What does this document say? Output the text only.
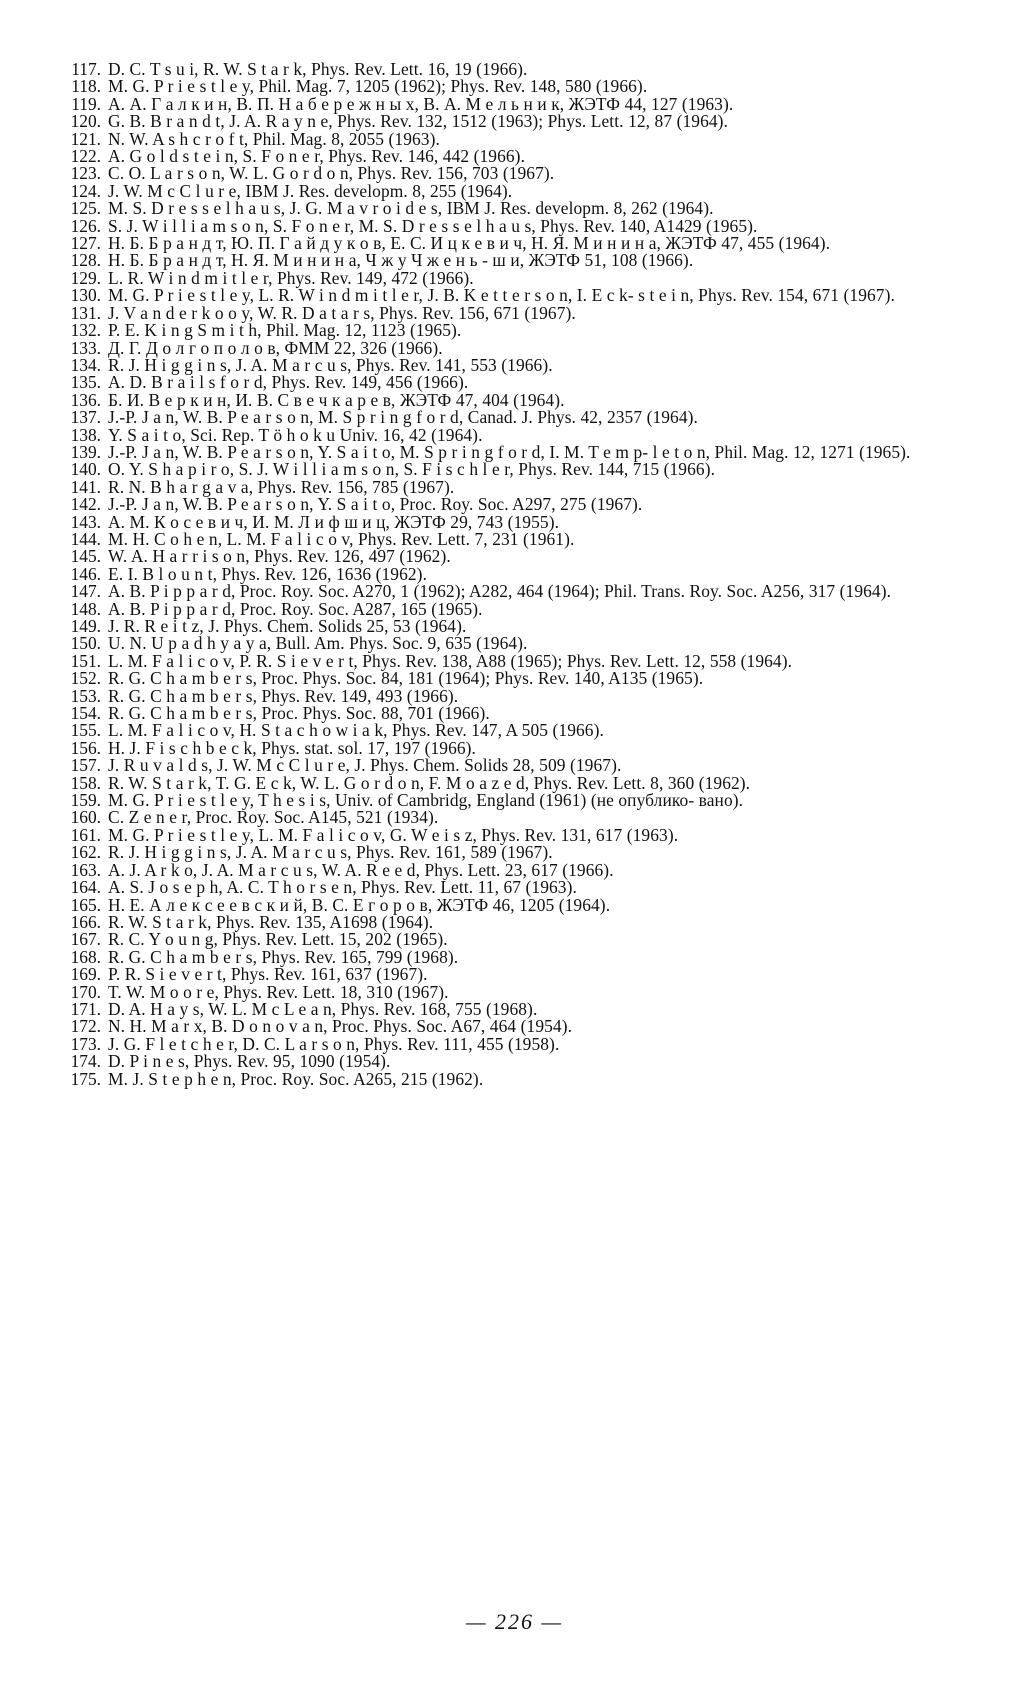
117. D. C. T s u i, R. W. S t a r k, Phys. Rev. Lett. 16, 19 (1966).
118. M. G. P r i e s t l e y, Phil. Mag. 7, 1205 (1962); Phys. Rev. 148, 580 (1966).
119. А. А. Г а л к и н, В. П. Н а б е р е ж н ы х, В. А. М е л ь н и к, ЖЭТФ 44, 127 (1963).
120. G. B. B r a n d t, J. A. R a y n e, Phys. Rev. 132, 1512 (1963); Phys. Lett. 12, 87 (1964).
121. N. W. A s h c r o f t, Phil. Mag. 8, 2055 (1963).
122. A. G o l d s t e i n, S. F o n e r, Phys. Rev. 146, 442 (1966).
123. C. O. L a r s o n, W. L. G o r d o n, Phys. Rev. 156, 703 (1967).
124. J. W. M c C l u r e, IBM J. Res. developm. 8, 255 (1964).
125. M. S. D r e s s e l h a u s, J. G. M a v r o i d e s, IBM J. Res. developm. 8, 262 (1964).
126. S. J. W i l l i a m s o n, S. F o n e r, M. S. D r e s s e l h a u s, Phys. Rev. 140, A1429 (1965).
127. Н. Б. Б р а н д т, Ю. П. Г а й д у к о в, Е. С. И ц к е в и ч, Н. Я. М и н и н а, ЖЭТФ 47, 455 (1964).
128. Н. Б. Б р а н д т, Н. Я. М и н и н а, Ч ж у Ч ж е н ь - ш и, ЖЭТФ 51, 108 (1966).
129. L. R. W i n d m i t l e r, Phys. Rev. 149, 472 (1966).
130. M. G. P r i e s t l e y, L. R. W i n d m i t l e r, J. B. K e t t e r s o n, I. E c k- s t e i n, Phys. Rev. 154, 671 (1967).
131. J. V a n d e r k o o y, W. R. D a t a r s, Phys. Rev. 156, 671 (1967).
132. P. E. K i n g S m i t h, Phil. Mag. 12, 1123 (1965).
133. Д. Г. Д о л г о п о л о в, ФММ 22, 326 (1966).
134. R. J. H i g g i n s, J. A. M a r c u s, Phys. Rev. 141, 553 (1966).
135. A. D. B r a i l s f o r d, Phys. Rev. 149, 456 (1966).
136. Б. И. В е р к и н, И. В. С в е ч к а р е в, ЖЭТФ 47, 404 (1964).
137. J.-P. J a n, W. B. P e a r s o n, M. S p r i n g f o r d, Canad. J. Phys. 42, 2357 (1964).
138. Y. S a i t o, Sci. Rep. T ö h o k u Univ. 16, 42 (1964).
139. J.-P. J a n, W. B. P e a r s o n, Y. S a i t o, M. S p r i n g f o r d, I. M. T e m p- l e t o n, Phil. Mag. 12, 1271 (1965).
140. O. Y. S h a p i r o, S. J. W i l l i a m s o n, S. F i s c h l e r, Phys. Rev. 144, 715 (1966).
141. R. N. B h a r g a v a, Phys. Rev. 156, 785 (1967).
142. J.-P. J a n, W. B. P e a r s o n, Y. S a i t o, Proc. Roy. Soc. A297, 275 (1967).
143. А. М. К о с е в и ч, И. М. Л и ф ш и ц, ЖЭТФ 29, 743 (1955).
144. M. H. C o h e n, L. M. F a l i c o v, Phys. Rev. Lett. 7, 231 (1961).
145. W. A. H a r r i s o n, Phys. Rev. 126, 497 (1962).
146. E. I. B l o u n t, Phys. Rev. 126, 1636 (1962).
147. A. B. P i p p a r d, Proc. Roy. Soc. A270, 1 (1962); A282, 464 (1964); Phil. Trans. Roy. Soc. A256, 317 (1964).
148. A. B. P i p p a r d, Proc. Roy. Soc. A287, 165 (1965).
149. J. R. R e i t z, J. Phys. Chem. Solids 25, 53 (1964).
150. U. N. U p a d h y a y a, Bull. Am. Phys. Soc. 9, 635 (1964).
151. L. M. F a l i c o v, P. R. S i e v e r t, Phys. Rev. 138, A88 (1965); Phys. Rev. Lett. 12, 558 (1964).
152. R. G. C h a m b e r s, Proc. Phys. Soc. 84, 181 (1964); Phys. Rev. 140, A135 (1965).
153. R. G. C h a m b e r s, Phys. Rev. 149, 493 (1966).
154. R. G. C h a m b e r s, Proc. Phys. Soc. 88, 701 (1966).
155. L. M. F a l i c o v, H. S t a c h o w i a k, Phys. Rev. 147, A 505 (1966).
156. H. J. F i s c h b e c k, Phys. stat. sol. 17, 197 (1966).
157. J. R u v a l d s, J. W. M c C l u r e, J. Phys. Chem. Solids 28, 509 (1967).
158. R. W. S t a r k, T. G. E c k, W. L. G o r d o n, F. M o a z e d, Phys. Rev. Lett. 8, 360 (1962).
159. M. G. P r i e s t l e y, T h e s i s, Univ. of Cambridg, England (1961) (не опублико- вано).
160. C. Z e n e r, Proc. Roy. Soc. A145, 521 (1934).
161. M. G. P r i e s t l e y, L. M. F a l i c o v, G. W e i s z, Phys. Rev. 131, 617 (1963).
162. R. J. H i g g i n s, J. A. M a r c u s, Phys. Rev. 161, 589 (1967).
163. A. J. A r k o, J. A. M a r c u s, W. A. R e e d, Phys. Lett. 23, 617 (1966).
164. A. S. J o s e p h, A. C. T h o r s e n, Phys. Rev. Lett. 11, 67 (1963).
165. Н. Е. А л е к с е е в с к и й, В. С. Е г о р о в, ЖЭТФ 46, 1205 (1964).
166. R. W. S t a r k, Phys. Rev. 135, A1698 (1964).
167. R. C. Y o u n g, Phys. Rev. Lett. 15, 202 (1965).
168. R. G. C h a m b e r s, Phys. Rev. 165, 799 (1968).
169. P. R. S i e v e r t, Phys. Rev. 161, 637 (1967).
170. T. W. M o o r e, Phys. Rev. Lett. 18, 310 (1967).
171. D. A. H a y s, W. L. M c L e a n, Phys. Rev. 168, 755 (1968).
172. N. H. M a r x, B. D o n o v a n, Proc. Phys. Soc. A67, 464 (1954).
173. J. G. F l e t c h e r, D. C. L a r s o n, Phys. Rev. 111, 455 (1958).
174. D. P i n e s, Phys. Rev. 95, 1090 (1954).
175. M. J. S t e p h e n, Proc. Roy. Soc. A265, 215 (1962).
— 226 —
